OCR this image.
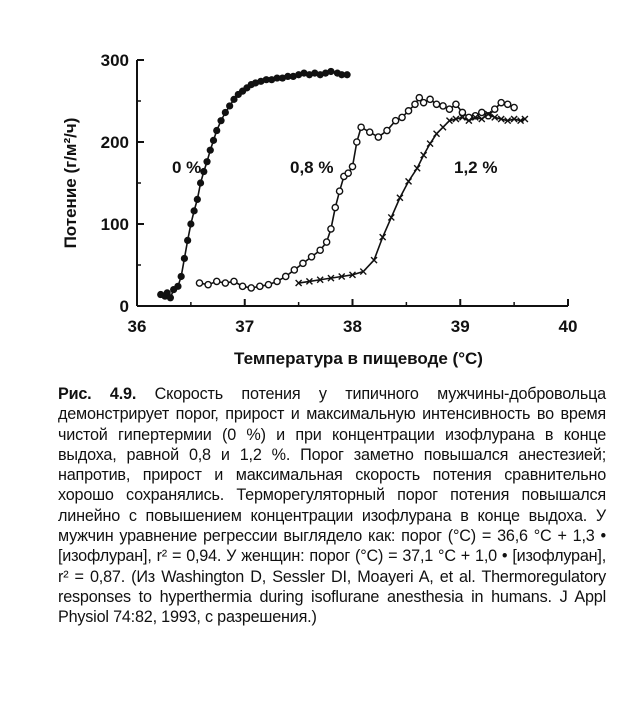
36	37	38	39	40
0
100
200
300
Температура в пищеводе (°С)
Потение (г/м²/ч)	0 %	0,8 %	1,2 %
Рис. 4.9. Скорость потения у типичного мужчины-добровольца демонстрирует порог, прирост и максимальную интенсивность во время чистой гипертермии (0 %) и при концентрации изофлурана в конце выдоха, равной 0,8 и 1,2 %. Порог заметно повышался анестезией; напротив, прирост и максимальная скорость потения сравнительно хорошо сохранялись. Терморегуляторный порог потения повышался линейно с повышением концентрации изофлурана в конце выдоха. У мужчин уравнение регрессии выглядело как: порог (°С) = 36,6 °С + 1,3 • [изофлуран], r² = 0,94. У женщин: порог (°С) = 37,1 °С + 1,0 • [изофлуран], r² = 0,87. (Из Washington D, Sessler DI, Moayeri A, et al. Thermoregulatory responses to hyperthermia during isoflurane anesthesia in humans. J Appl Physiol 74:82, 1993, с разрешения.)
